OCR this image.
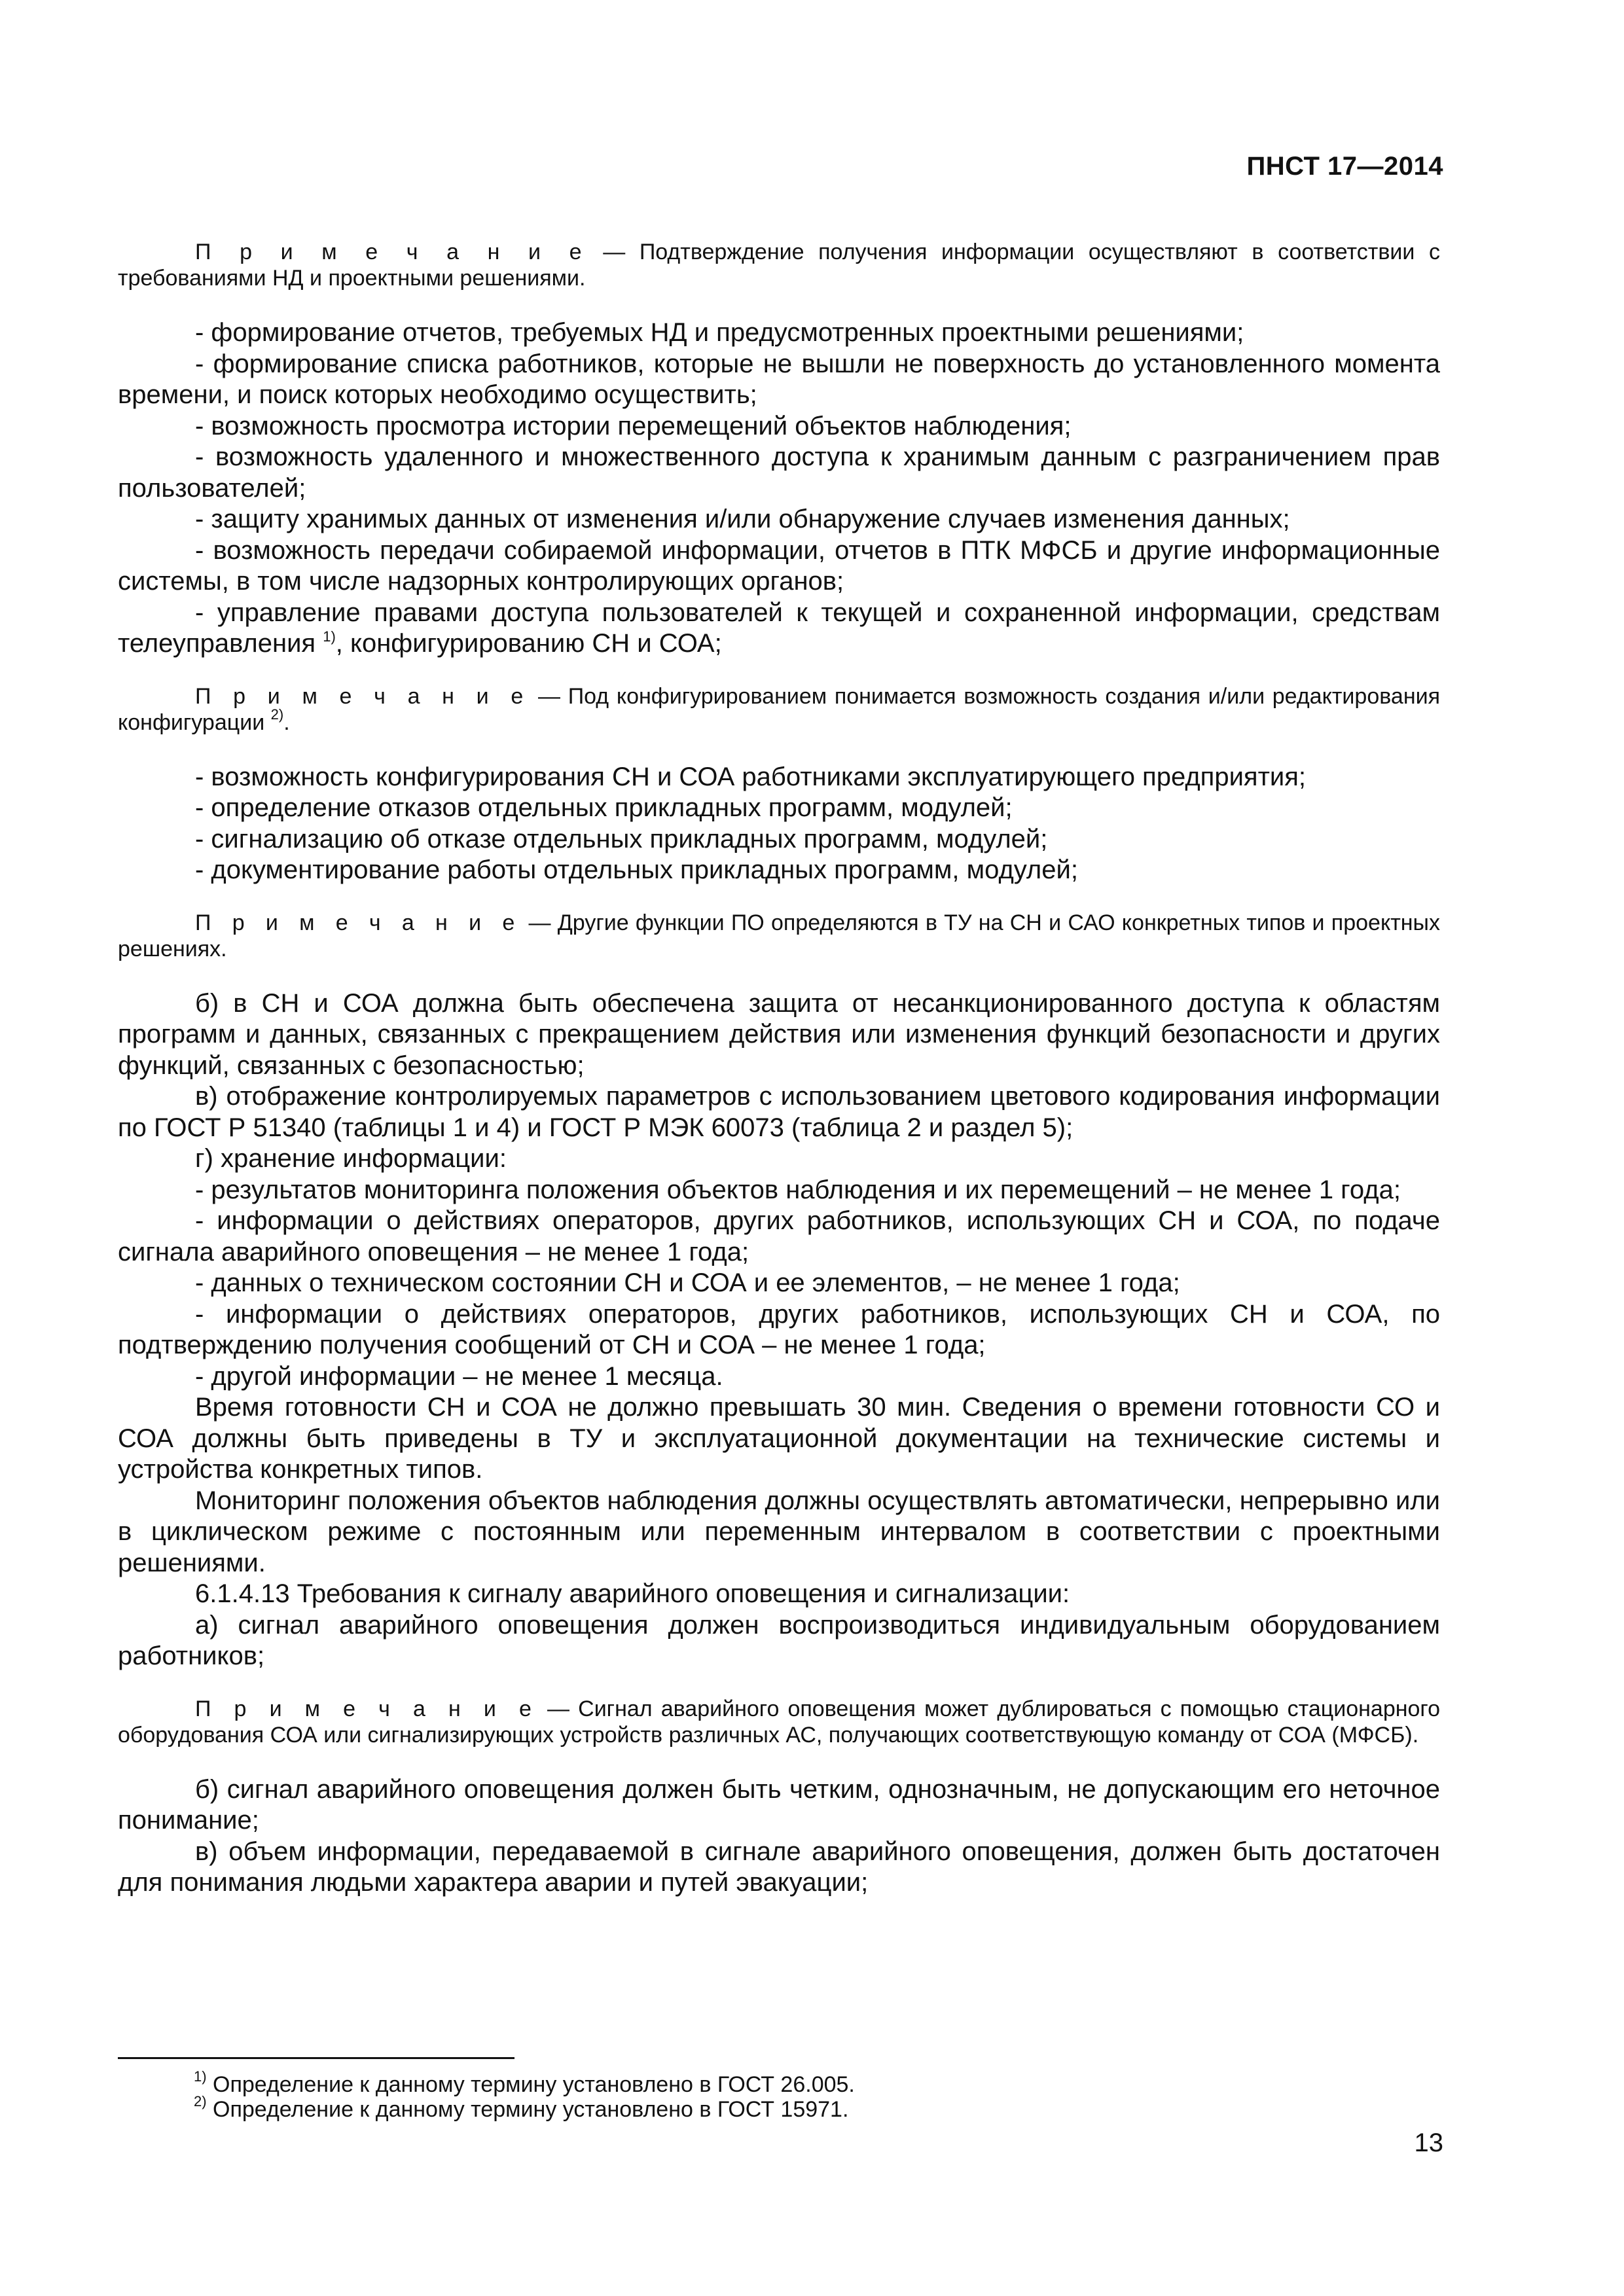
ПНСТ 17—2014

П р и м е ч а н и е — Подтверждение получения информации осуществляют в соответствии с требованиями НД и проектными решениями.

- формирование отчетов, требуемых НД и предусмотренных проектными решениями;

- формирование списка работников, которые не вышли не поверхность до установленного момента времени, и поиск которых необходимо осуществить;

- возможность просмотра истории перемещений объектов наблюдения;

- возможность удаленного и множественного доступа к хранимым данным с разграничением прав пользователей;

- защиту хранимых данных от изменения и/или обнаружение случаев изменения данных;

- возможность передачи собираемой информации, отчетов в ПТК МФСБ и другие информационные системы, в том числе надзорных контролирующих органов;

- управление правами доступа пользователей к текущей и сохраненной информации, средствам телеуправления $^{1)}$, конфигурированию СН и СОА;

П р и м е ч а н и е — Под конфигурированием понимается возможность создания и/или редактирования конфигурации $^{2)}$.

- возможность конфигурирования СН и СОА работниками эксплуатирующего предприятия;

- определение отказов отдельных прикладных программ, модулей;

- сигнализацию об отказе отдельных прикладных программ, модулей;

- документирование работы отдельных прикладных программ, модулей;

П р и м е ч а н и е — Другие функции ПО определяются в ТУ на СН и САО конкретных типов и проектных решениях.

б) в СН и СОА должна быть обеспечена защита от несанкционированного доступа к областям программ и данных, связанных с прекращением действия или изменения функций безопасности и других функций, связанных с безопасностью;

в) отображение контролируемых параметров с использованием цветового кодирования информации по ГОСТ Р 51340 (таблицы 1 и 4) и ГОСТ Р МЭК 60073 (таблица 2 и раздел 5);

г) хранение информации:

- результатов мониторинга положения объектов наблюдения и их перемещений – не менее 1 года;

- информации о действиях операторов, других работников, использующих СН и СОА, по подаче сигнала аварийного оповещения – не менее 1 года;

- данных о техническом состоянии СН и СОА и ее элементов, – не менее 1 года;

- информации о действиях операторов, других работников, использующих СН и СОА, по подтверждению получения сообщений от СН и СОА – не менее 1 года;

- другой информации – не менее 1 месяца.

Время готовности СН и СОА не должно превышать 30 мин. Сведения о времени готовности СО и СОА должны быть приведены в ТУ и эксплуатационной документации на технические системы и устройства конкретных типов.

Мониторинг положения объектов наблюдения должны осуществлять автоматически, непрерывно или в циклическом режиме с постоянным или переменным интервалом в соответствии с проектными решениями.

6.1.4.13 Требования к сигналу аварийного оповещения и сигнализации:

а) сигнал аварийного оповещения должен воспроизводиться индивидуальным оборудованием работников;

П р и м е ч а н и е — Сигнал аварийного оповещения может дублироваться с помощью стационарного оборудования СОА или сигнализирующих устройств различных АС, получающих соответствующую команду от СОА (МФСБ).

б) сигнал аварийного оповещения должен быть четким, однозначным, не допускающим его неточное понимание;

в) объем информации, передаваемой в сигнале аварийного оповещения, должен быть достаточен для понимания людьми характера аварии и путей эвакуации;

$^{1)}$ Определение к данному термину установлено в ГОСТ 26.005.

$^{2)}$ Определение к данному термину установлено в ГОСТ 15971.

13
